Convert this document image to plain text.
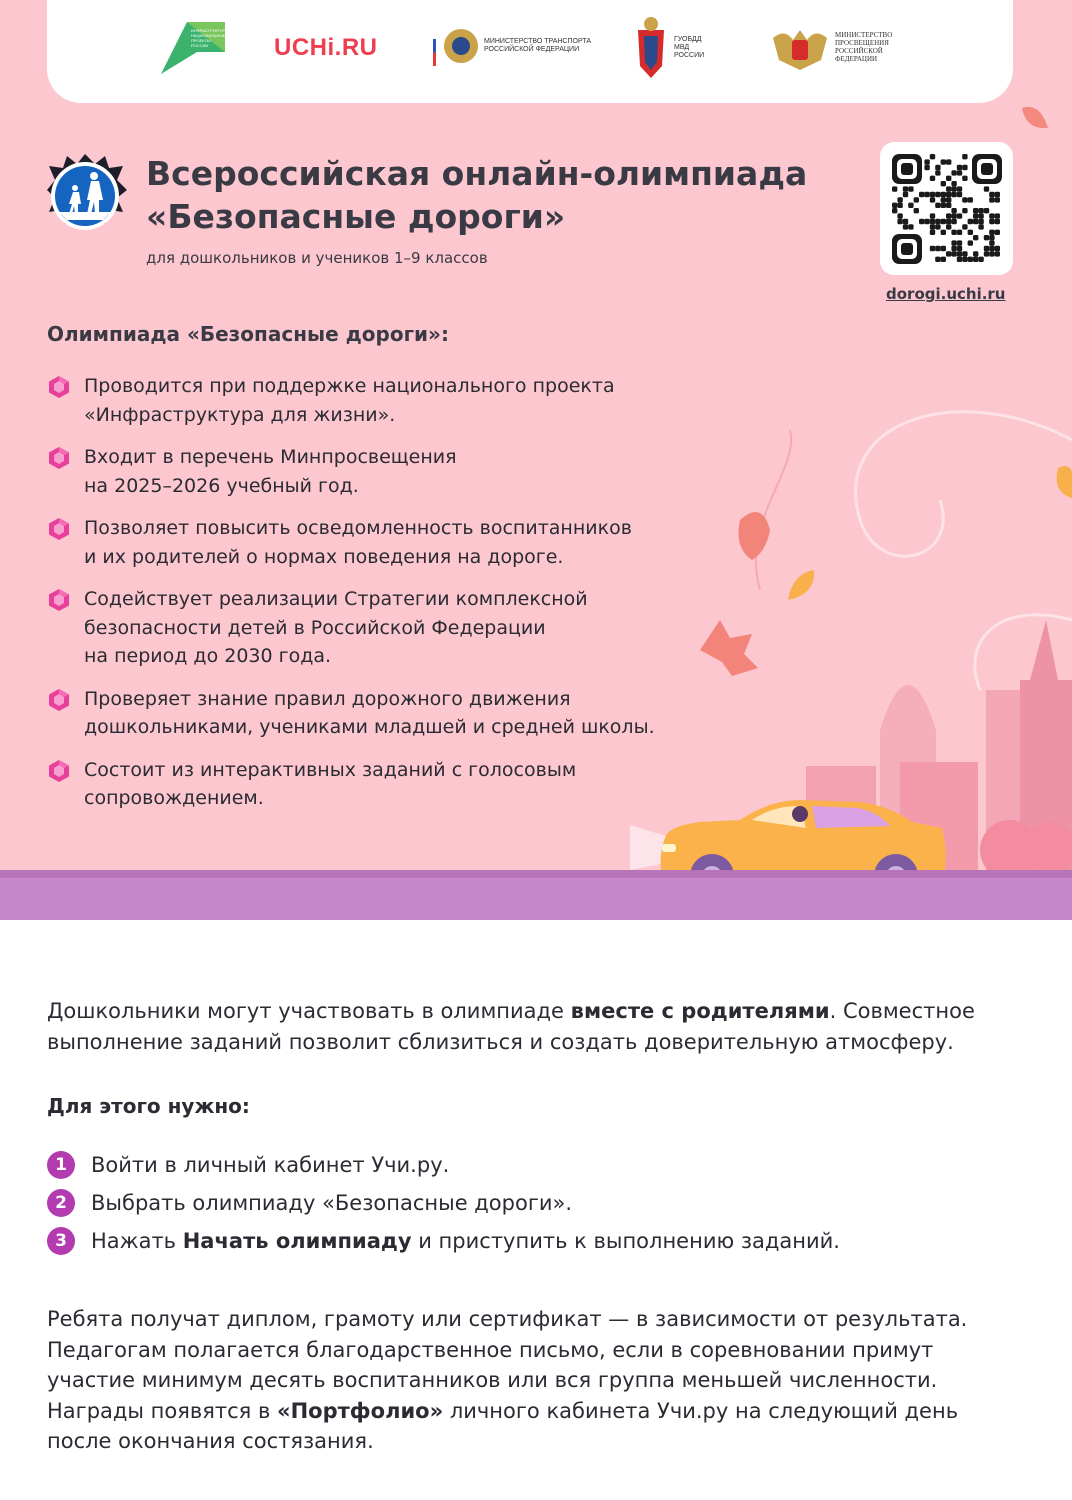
ИНФРАСТРУКТУРА НАЦИОНАЛЬНЫЕ ПРОЕКТЫ РОССИИ	UCHi.RU	МИНИСТЕРСТВО ТРАНСПОРТА РОССИЙСКОЙ ФЕДЕРАЦИИ
ГУОБДД МВД РОССИИ
МИНИСТЕРСТВО ПРОСВЕЩЕНИЯ РОССИЙСКОЙ ФЕДЕРАЦИИ
Всероссийская онлайн-олимпиада
«Безопасные дороги»
для дошкольников и учеников 1–9 классов
dorogi.uchi.ru
Олимпиада «Безопасные дороги»:
Проводится при поддержке национального проекта
«Инфраструктура для жизни».
Входит в перечень Минпросвещения
на 2025–2026 учебный год.
Позволяет повысить осведомленность воспитанников
и их родителей о нормах поведения на дороге.
Содействует реализации Стратегии комплексной
безопасности детей в Российской Федерации
на период до 2030 года.
Проверяет знание правил дорожного движения
дошкольниками, учениками младшей и средней школы.
Состоит из интерактивных заданий с голосовым
сопровождением.
Дошкольники могут участвовать в олимпиаде вместе с родителями. Совместное выполнение заданий позволит сблизиться и создать доверительную атмосферу.
Для этого нужно:
1	Войти в личный кабинет Учи.ру.
2	Выбрать олимпиаду «Безопасные дороги».
3	Нажать Начать олимпиаду и приступить к выполнению заданий.
Ребята получат диплом, грамоту или сертификат — в зависимости от результата.
Педагогам полагается благодарственное письмо, если в соревновании примут
участие минимум десять воспитанников или вся группа меньшей численности.
Награды появятся в «Портфолио» личного кабинета Учи.ру на следующий день
после окончания состязания.
